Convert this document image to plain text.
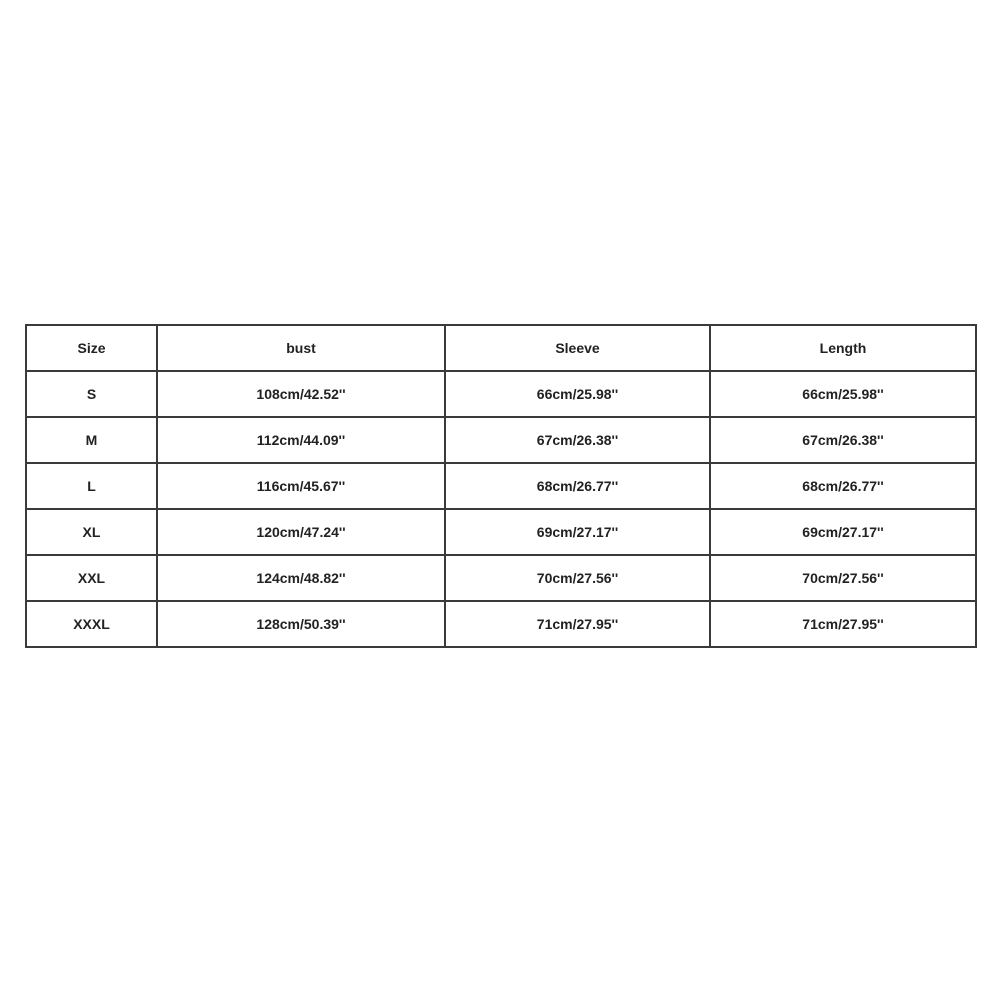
Size	bust	Sleeve	Length
S	108cm/42.52''	66cm/25.98''	66cm/25.98''
M	112cm/44.09''	67cm/26.38''	67cm/26.38''
L	116cm/45.67''	68cm/26.77''	68cm/26.77''
XL	120cm/47.24''	69cm/27.17''	69cm/27.17''
XXL	124cm/48.82''	70cm/27.56''	70cm/27.56''
XXXL	128cm/50.39''	71cm/27.95''	71cm/27.95''
